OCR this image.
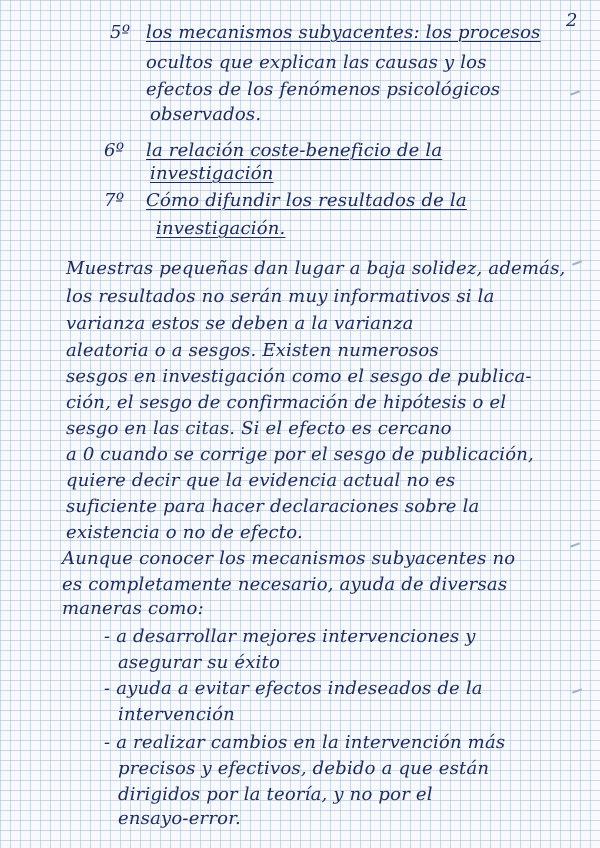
2
5º los mecanismos subyacentes: los procesos
ocultos que explican las causas y los
efectos de los fenómenos psicológicos
observados.
6º la relación coste-beneficio de la
investigación
7º Cómo difundir los resultados de la
investigación.
Muestras pequeñas dan lugar a baja solidez, además,
los resultados no serán muy informativos si la
varianza estos se deben a la varianza
aleatoria o a sesgos. Existen numerosos
sesgos en investigación como el sesgo de publica-
ción, el sesgo de confirmación de hipótesis o el
sesgo en las citas. Si el efecto es cercano
a 0 cuando se corrige por el sesgo de publicación,
quiere decir que la evidencia actual no es
suficiente para hacer declaraciones sobre la
existencia o no de efecto.
Aunque conocer los mecanismos subyacentes no
es completamente necesario, ayuda de diversas
maneras como:
- a desarrollar mejores intervenciones y
asegurar su éxito
- ayuda a evitar efectos indeseados de la
intervención
- a realizar cambios en la intervención más
precisos y efectivos, debido a que están
dirigidos por la teoría, y no por el
ensayo-error.
